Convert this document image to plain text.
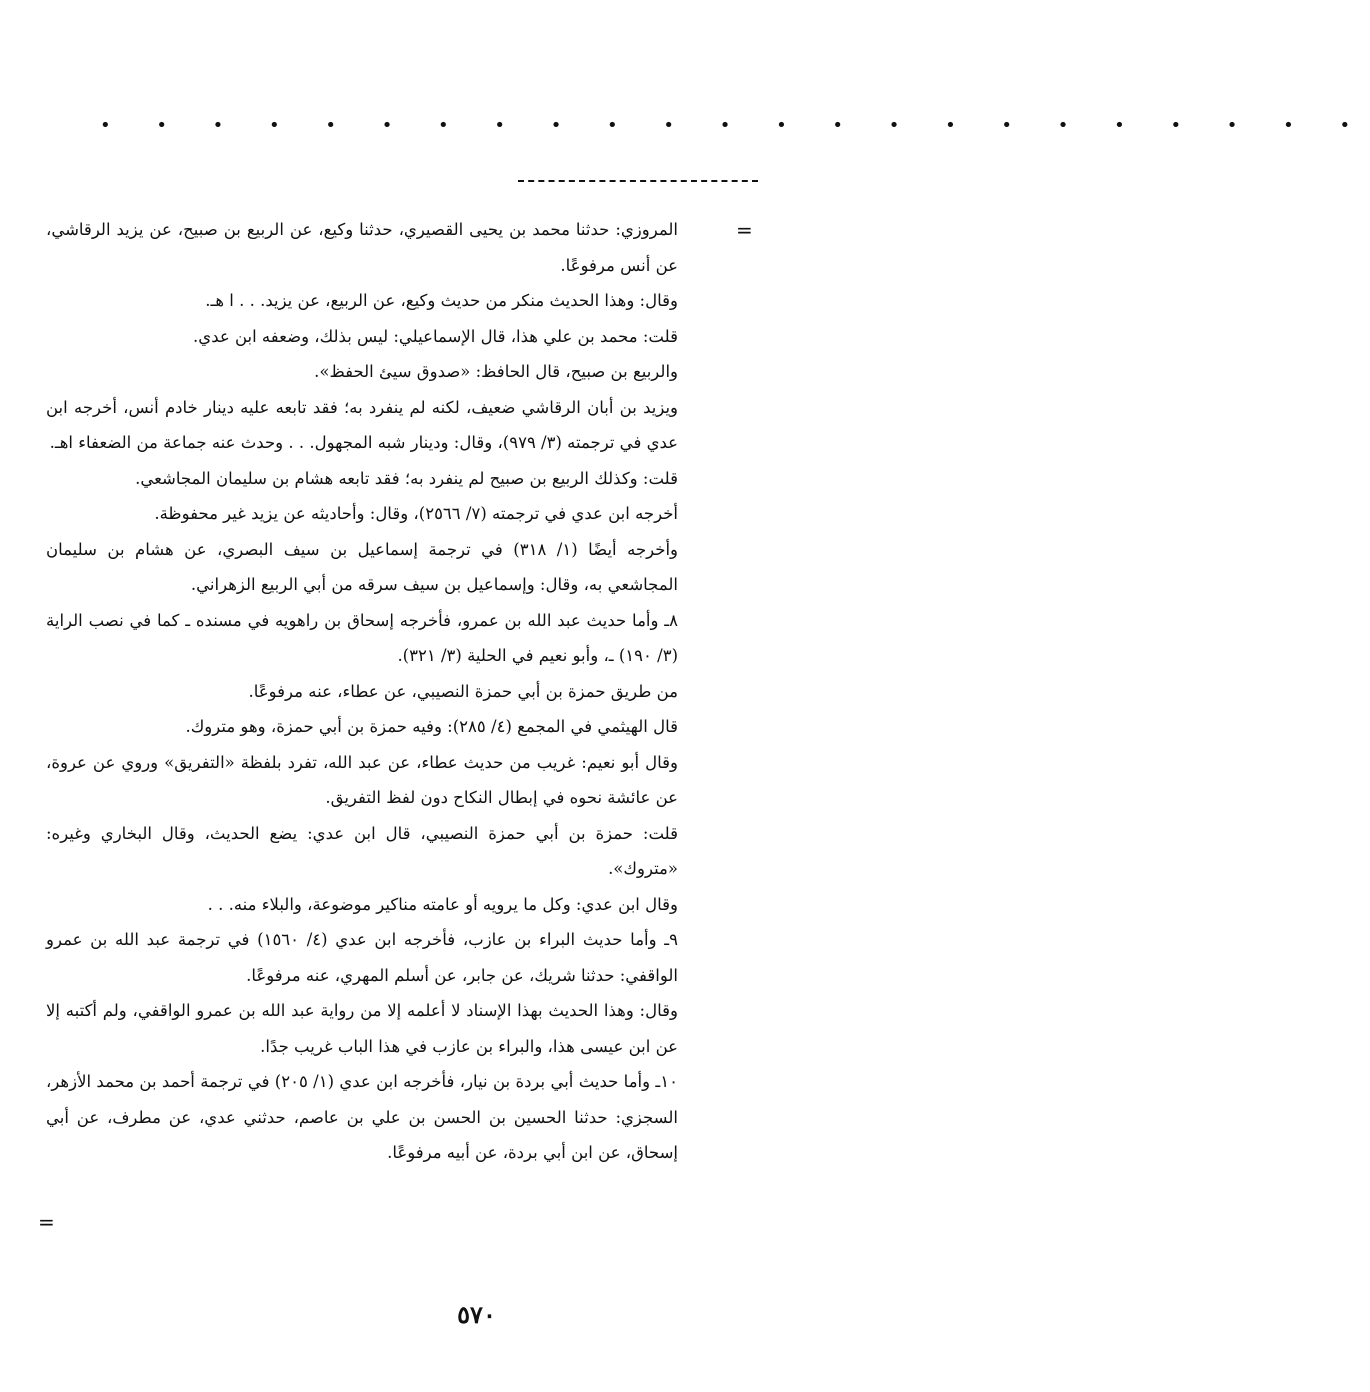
• • • • • • • • • • • • • • • • • • • • • • •
=

المروزي: حدثنا محمد بن يحيى القصيري، حدثنا وكيع، عن الربيع بن صبيح، عن يزيد الرقاشي، عن أنس مرفوعًا.

وقال: وهذا الحديث منكر من حديث وكيع، عن الربيع، عن يزيد. . . ا هـ.

قلت: محمد بن علي هذا، قال الإسماعيلي: ليس بذلك، وضعفه ابن عدي.

والربيع بن صبيح، قال الحافظ: «صدوق سيئ الحفظ».

ويزيد بن أبان الرقاشي ضعيف، لكنه لم ينفرد به؛ فقد تابعه عليه دينار خادم أنس، أخرجه ابن عدي في ترجمته (٣/ ٩٧٩)، وقال: ودينار شبه المجهول. . . وحدث عنه جماعة من الضعفاء اهـ.

قلت: وكذلك الربيع بن صبيح لم ينفرد به؛ فقد تابعه هشام بن سليمان المجاشعي.

أخرجه ابن عدي في ترجمته (٧/ ٢٥٦٦)، وقال: وأحاديثه عن يزيد غير محفوظة.

وأخرجه أيضًا (١/ ٣١٨) في ترجمة إسماعيل بن سيف البصري، عن هشام بن سليمان المجاشعي به، وقال: وإسماعيل بن سيف سرقه من أبي الربيع الزهراني.

٨ـ وأما حديث عبد الله بن عمرو، فأخرجه إسحاق بن راهويه في مسنده ـ كما في نصب الراية (٣/ ١٩٠) ـ، وأبو نعيم في الحلية (٣/ ٣٢١).

من طريق حمزة بن أبي حمزة النصيبي، عن عطاء، عنه مرفوعًا.

قال الهيثمي في المجمع (٤/ ٢٨٥): وفيه حمزة بن أبي حمزة، وهو متروك.

وقال أبو نعيم: غريب من حديث عطاء، عن عبد الله، تفرد بلفظة «التفريق» وروي عن عروة، عن عائشة نحوه في إبطال النكاح دون لفظ التفريق.

قلت: حمزة بن أبي حمزة النصيبي، قال ابن عدي: يضع الحديث، وقال البخاري وغيره: «متروك».

وقال ابن عدي: وكل ما يرويه أو عامته مناكير موضوعة، والبلاء منه. . .

٩ـ وأما حديث البراء بن عازب، فأخرجه ابن عدي (٤/ ١٥٦٠) في ترجمة عبد الله بن عمرو الواقفي: حدثنا شريك، عن جابر، عن أسلم المهري، عنه مرفوعًا.

وقال: وهذا الحديث بهذا الإسناد لا أعلمه إلا من رواية عبد الله بن عمرو الواقفي، ولم أكتبه إلا عن ابن عيسى هذا، والبراء بن عازب في هذا الباب غريب جدًا.

١٠ـ وأما حديث أبي بردة بن نيار، فأخرجه ابن عدي (١/ ٢٠٥) في ترجمة أحمد بن محمد الأزهر، السجزي: حدثنا الحسين بن الحسن بن علي بن عاصم، حدثني عدي، عن مطرف، عن أبي إسحاق، عن ابن أبي بردة، عن أبيه مرفوعًا.

=
٥٧٠
